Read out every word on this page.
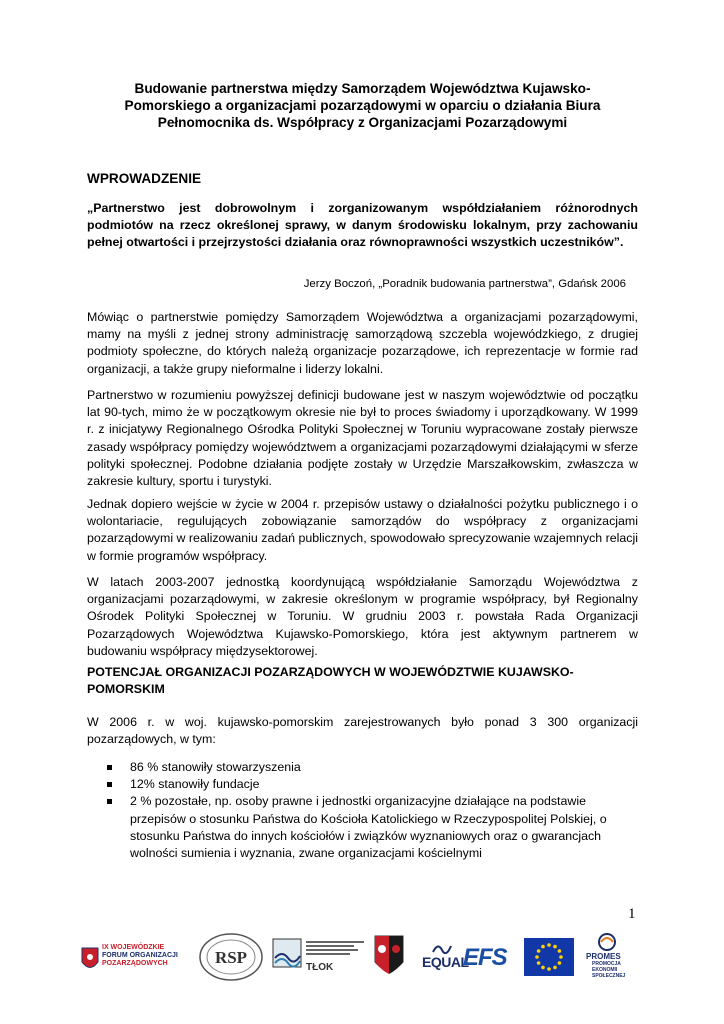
Budowanie partnerstwa między Samorządem Województwa Kujawsko-
Pomorskiego a organizacjami pozarządowymi w oparciu o działania Biura
Pełnomocnika ds. Współpracy z Organizacjami Pozarządowymi
WPROWADZENIE

„Partnerstwo jest dobrowolnym i zorganizowanym współdziałaniem różnorodnych podmiotów na rzecz określonej sprawy, w danym środowisku lokalnym, przy zachowaniu pełnej otwartości i przejrzystości działania oraz równoprawności wszystkich uczestników”.

Jerzy Boczoń, „Poradnik budowania partnerstwa”, Gdańsk 2006

Mówiąc o partnerstwie pomiędzy Samorządem Województwa a organizacjami pozarządowymi, mamy na myśli z jednej strony administrację samorządową szczebla wojewódzkiego, z drugiej podmioty społeczne, do których należą organizacje pozarządowe, ich reprezentacje w formie rad organizacji, a także grupy nieformalne i liderzy lokalni.

Partnerstwo w rozumieniu powyższej definicji budowane jest w naszym województwie od początku lat 90-tych, mimo że w początkowym okresie nie był to proces świadomy i uporządkowany. W 1999 r. z inicjatywy Regionalnego Ośrodka Polityki Społecznej w Toruniu wypracowane zostały pierwsze zasady współpracy pomiędzy województwem a organizacjami pozarządowymi działającymi w sferze polityki społecznej. Podobne działania podjęte zostały w Urzędzie Marszałkowskim, zwłaszcza w zakresie kultury, sportu i turystyki.

Jednak dopiero wejście w życie w 2004 r. przepisów ustawy o działalności pożytku publicznego i o wolontariacie, regulujących zobowiązanie samorządów do współpracy z organizacjami pozarządowymi w realizowaniu zadań publicznych, spowodowało sprecyzowanie wzajemnych relacji w formie programów współpracy.

W latach 2003-2007 jednostką koordynującą współdziałanie Samorządu Województwa z organizacjami pozarządowymi, w zakresie określonym w programie współpracy, był Regionalny Ośrodek Polityki Społecznej w Toruniu. W grudniu 2003 r. powstała Rada Organizacji Pozarządowych Województwa Kujawsko-Pomorskiego, która jest aktywnym partnerem w budowaniu współpracy międzysektorowej.

POTENCJAŁ ORGANIZACJI POZARZĄDOWYCH W WOJEWÓDZTWIE KUJAWSKO-POMORSKIM

W 2006 r. w woj. kujawsko-pomorskim zarejestrowanych było ponad 3 300 organizacji pozarządowych, w tym:

86 % stanowiły stowarzyszenia
12% stanowiły fundacje
2 % pozostałe, np. osoby prawne i jednostki organizacyjne działające na podstawie przepisów o stosunku Państwa do Kościoła Katolickiego w Rzeczypospolitej Polskiej, o stosunku Państwa do innych kościołów i związków wyznaniowych oraz o gwarancjach wolności sumienia i wyznania, zwane organizacjami kościelnymi
1
IX WOJEWÓDZKIE
FORUM ORGANIZACJI
POZARZĄDOWYCH	RSP
TŁOK	EQUAL
EFS	PROMES
PROMOCJA
EKONOMII
SPOŁECZNEJ
